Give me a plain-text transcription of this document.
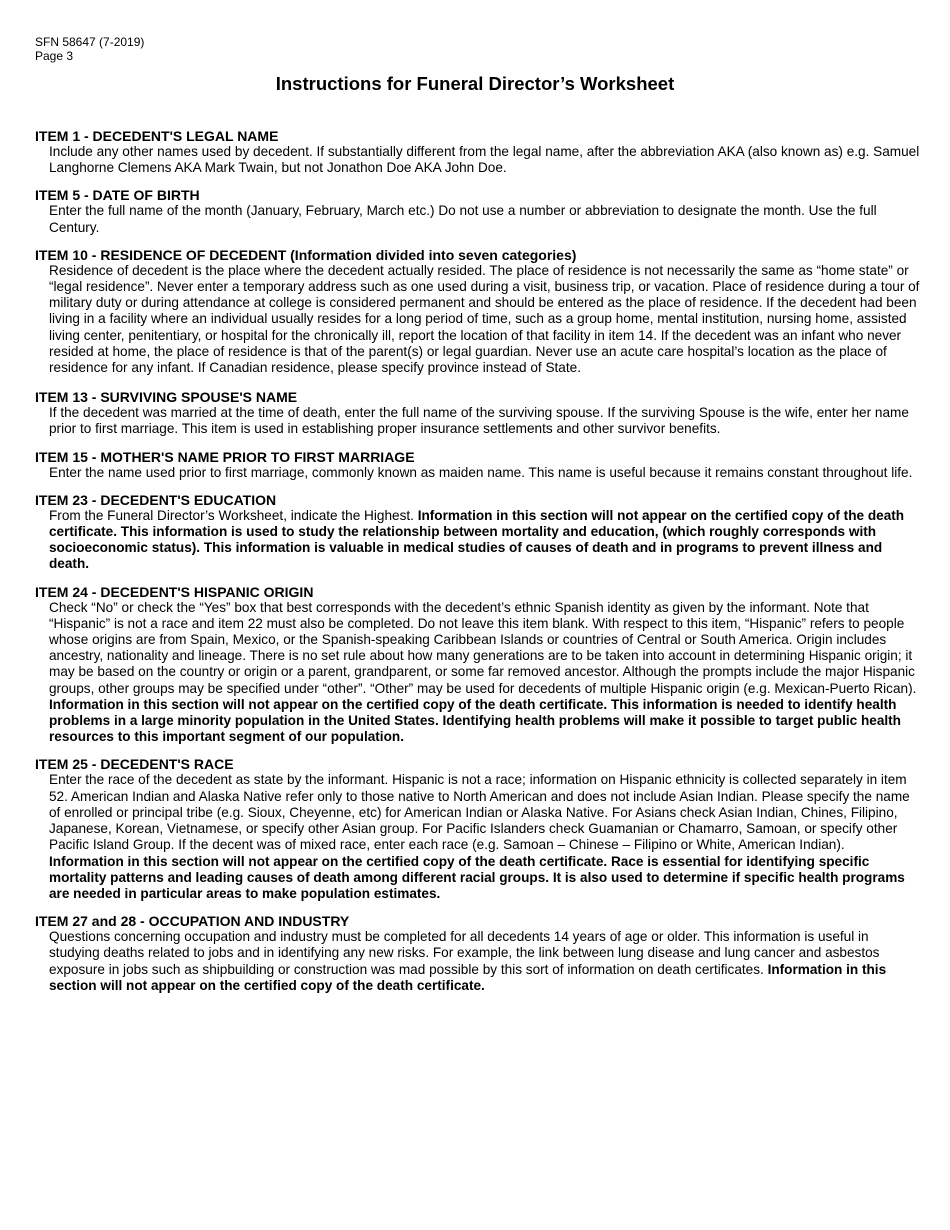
SFN 58647 (7-2019)
Page 3
Instructions for Funeral Director’s Worksheet

ITEM 1 - DECEDENT'S LEGAL NAME

Include any other names used by decedent. If substantially different from the legal name, after the abbreviation AKA (also known as) e.g. Samuel Langhorne Clemens AKA Mark Twain, but not Jonathon Doe AKA John Doe.

ITEM 5 - DATE OF BIRTH

Enter the full name of the month (January, February, March etc.) Do not use a number or abbreviation to designate the month. Use the full Century.

ITEM 10 - RESIDENCE OF DECEDENT (Information divided into seven categories)

Residence of decedent is the place where the decedent actually resided. The place of residence is not necessarily the same as “home state” or “legal residence”. Never enter a temporary address such as one used during a visit, business trip, or vacation. Place of residence during a tour of military duty or during attendance at college is considered permanent and should be entered as the place of residence. If the decedent had been living in a facility where an individual usually resides for a long period of time, such as a group home, mental institution, nursing home, assisted living center, penitentiary, or hospital for the chronically ill, report the location of that facility in item 14. If the decedent was an infant who never resided at home, the place of residence is that of the parent(s) or legal guardian. Never use an acute care hospital’s location as the place of residence for any infant. If Canadian residence, please specify province instead of State.

ITEM 13 - SURVIVING SPOUSE'S NAME

If the decedent was married at the time of death, enter the full name of the surviving spouse. If the surviving Spouse is the wife, enter her name prior to first marriage. This item is used in establishing proper insurance settlements and other survivor benefits.

ITEM 15 - MOTHER'S NAME PRIOR TO FIRST MARRIAGE

Enter the name used prior to first marriage, commonly known as maiden name. This name is useful because it remains constant throughout life.

ITEM 23 - DECEDENT'S EDUCATION

From the Funeral Director’s Worksheet, indicate the Highest. Information in this section will not appear on the certified copy of the death certificate. This information is used to study the relationship between mortality and education, (which roughly corresponds with socioeconomic status). This information is valuable in medical studies of causes of death and in programs to prevent illness and death.

ITEM 24 - DECEDENT'S HISPANIC ORIGIN

Check “No” or check the “Yes” box that best corresponds with the decedent’s ethnic Spanish identity as given by the informant. Note that “Hispanic” is not a race and item 22 must also be completed. Do not leave this item blank. With respect to this item, “Hispanic” refers to people whose origins are from Spain, Mexico, or the Spanish-speaking Caribbean Islands or countries of Central or South America. Origin includes ancestry, nationality and lineage. There is no set rule about how many generations are to be taken into account in determining Hispanic origin; it may be based on the country or origin or a parent, grandparent, or some far removed ancestor. Although the prompts include the major Hispanic groups, other groups may be specified under “other”. “Other” may be used for decedents of multiple Hispanic origin (e.g. Mexican-Puerto Rican). Information in this section will not appear on the certified copy of the death certificate. This information is needed to identify health problems in a large minority population in the United States. Identifying health problems will make it possible to target public health resources to this important segment of our population.

ITEM 25 - DECEDENT'S RACE

Enter the race of the decedent as state by the informant. Hispanic is not a race; information on Hispanic ethnicity is collected separately in item 52. American Indian and Alaska Native refer only to those native to North American and does not include Asian Indian. Please specify the name of enrolled or principal tribe (e.g. Sioux, Cheyenne, etc) for American Indian or Alaska Native. For Asians check Asian Indian, Chines, Filipino, Japanese, Korean, Vietnamese, or specify other Asian group. For Pacific Islanders check Guamanian or Chamarro, Samoan, or specify other Pacific Island Group. If the decent was of mixed race, enter each race (e.g. Samoan – Chinese – Filipino or White, American Indian). Information in this section will not appear on the certified copy of the death certificate. Race is essential for identifying specific mortality patterns and leading causes of death among different racial groups. It is also used to determine if specific health programs are needed in particular areas to make population estimates.

ITEM 27 and 28 - OCCUPATION AND INDUSTRY

Questions concerning occupation and industry must be completed for all decedents 14 years of age or older. This information is useful in studying deaths related to jobs and in identifying any new risks. For example, the link between lung disease and lung cancer and asbestos exposure in jobs such as shipbuilding or construction was mad possible by this sort of information on death certificates. Information in this section will not appear on the certified copy of the death certificate.
